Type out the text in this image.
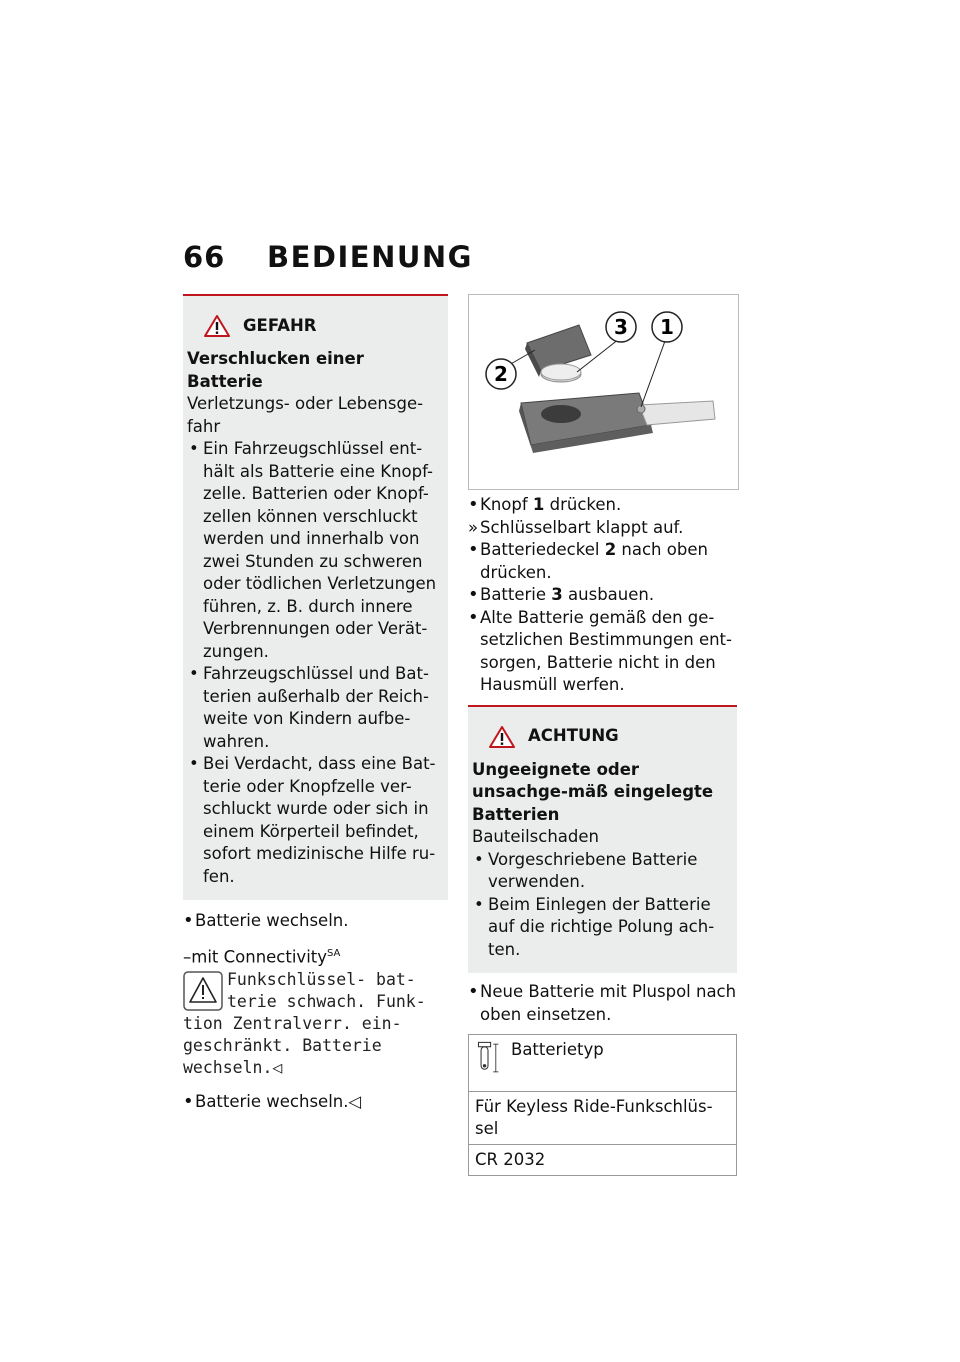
66	BEDIENUNG
GEFAHR
Verschlucken einer Batterie
Verletzungs- oder Lebensge-fahr
• Ein Fahrzeugschlüssel ent-hält als Batterie eine Knopf-zelle. Batterien oder Knopf-zellen können verschluckt werden und innerhalb von zwei Stunden zu schweren oder tödlichen Verletzungen führen, z. B. durch innere Verbrennungen oder Verät-zungen.
• Fahrzeugschlüssel und Bat-terien außerhalb der Reich-weite von Kindern aufbe-wahren.
• Bei Verdacht, dass eine Bat-terie oder Knopfzelle ver-schluckt wurde oder sich in einem Körperteil befindet, sofort medizinische Hilfe ru-fen.
• Batterie wechseln.
–mit Connectivity$^{SA}$
Funkschlüssel- bat-
terie schwach. Funk-
tion Zentralverr. ein-geschränkt. Batterie wechseln.◁
• Batterie wechseln.◁
2
3 1
• Knopf 1 drücken.
» Schlüsselbart klappt auf.
• Batteriedeckel 2 nach oben drücken.
• Batterie 3 ausbauen.
• Alte Batterie gemäß den ge-setzlichen Bestimmungen ent-sorgen, Batterie nicht in den Hausmüll werfen.
ACHTUNG
Ungeeignete oder unsachge-mäß eingelegte Batterien
Bauteilschaden
• Vorgeschriebene Batterie verwenden.
• Beim Einlegen der Batterie auf die richtige Polung ach-ten.
• Neue Batterie mit Pluspol nach oben einsetzen.
Batterietyp

Für Keyless Ride-Funkschlüs-sel
CR 2032
